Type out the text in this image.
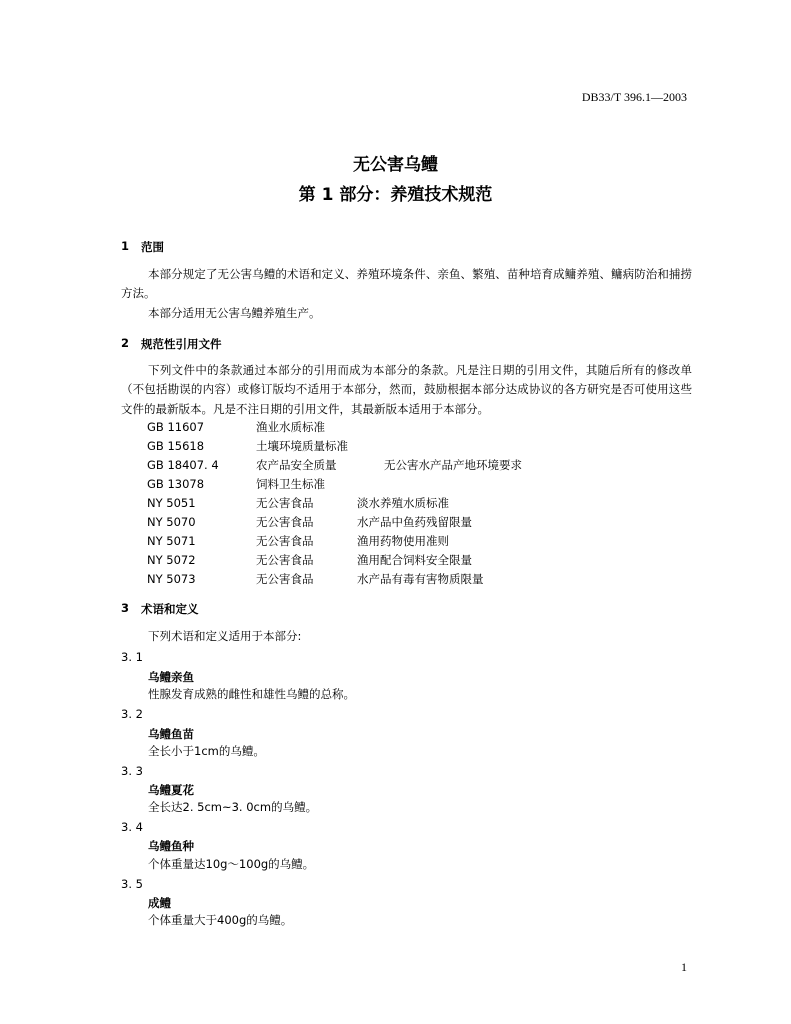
DB33/T 396.1—2003
无公害乌鳢
第 1 部分：养殖技术规范
1 范围
本部分规定了无公害乌鳢的术语和定义、养殖环境条件、亲鱼、繁殖、苗种培育成鳙养殖、鳙病防治和捕捞方法。
本部分适用无公害乌鳢养殖生产。
2 规范性引用文件
下列文件中的条款通过本部分的引用而成为本部分的条款。凡是注日期的引用文件，其随后所有的修改单（不包括勘误的内容）或修订版均不适用于本部分，然而，鼓励根据本部分达成协议的各方研究是否可使用这些文件的最新版本。凡是不注日期的引用文件，其最新版本适用于本部分。
GB 11607	渔业水质标准
GB 15618	土壤环境质量标准
GB 18407. 4	农产品安全质量	无公害水产品产地环境要求
GB 13078	饲料卫生标准
NY 5051	无公害食品	淡水养殖水质标准
NY 5070	无公害食品	水产品中鱼药残留限量
NY 5071	无公害食品	渔用药物使用准则
NY 5072	无公害食品	渔用配合饲料安全限量
NY 5073	无公害食品	水产品有毒有害物质限量
3 术语和定义
下列术语和定义适用于本部分:
3. 1
乌鳢亲鱼
性腺发育成熟的雌性和雄性乌鳢的总称。
3. 2
乌鳢鱼苗
全长小于1cm的乌鳢。
3. 3
乌鳢夏花
全长达2. 5cm~3. 0cm的乌鳢。
3. 4
乌鳢鱼种
个体重量达10g～100g的乌鳢。
3. 5
成鳢
个体重量大于400g的乌鳢。
1
